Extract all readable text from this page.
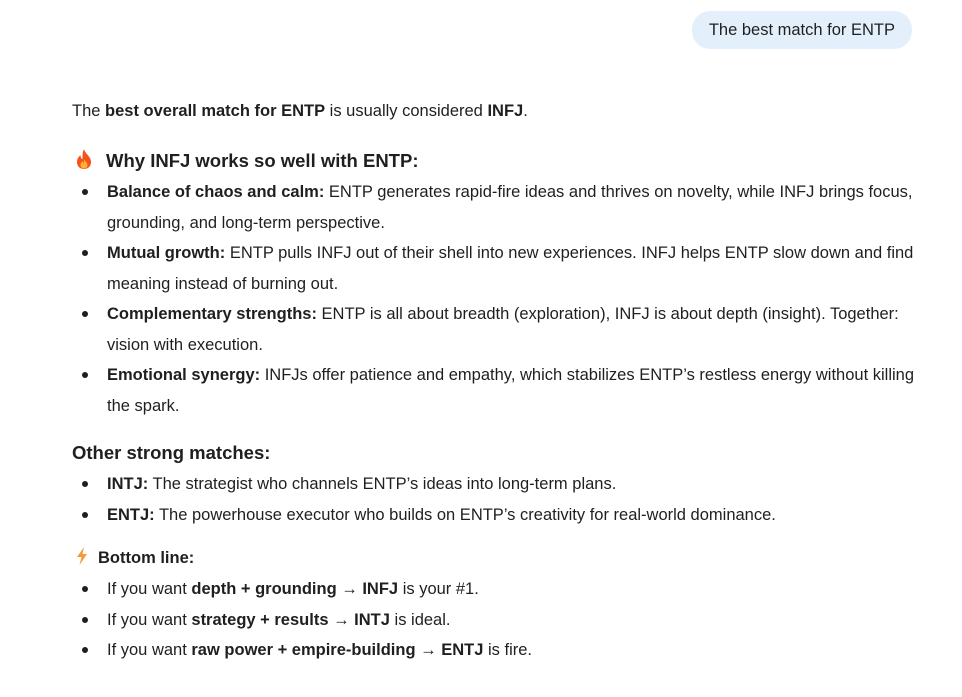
The best match for ENTP

The best overall match for ENTP is usually considered INFJ.

Why INFJ works so well with ENTP:
Balance of chaos and calm: ENTP generates rapid-fire ideas and thrives on novelty, while INFJ brings focus, grounding, and long-term perspective.
Mutual growth: ENTP pulls INFJ out of their shell into new experiences. INFJ helps ENTP slow down and find meaning instead of burning out.
Complementary strengths: ENTP is all about breadth (exploration), INFJ is about depth (insight). Together: vision with execution.
Emotional synergy: INFJs offer patience and empathy, which stabilizes ENTP’s restless energy without killing the spark.
Other strong matches:
INTJ: The strategist who channels ENTP’s ideas into long-term plans.
ENTJ: The powerhouse executor who builds on ENTP’s creativity for real-world dominance.
Bottom line:
If you want depth + grounding → INFJ is your #1.
If you want strategy + results → INTJ is ideal.
If you want raw power + empire-building → ENTJ is fire.
